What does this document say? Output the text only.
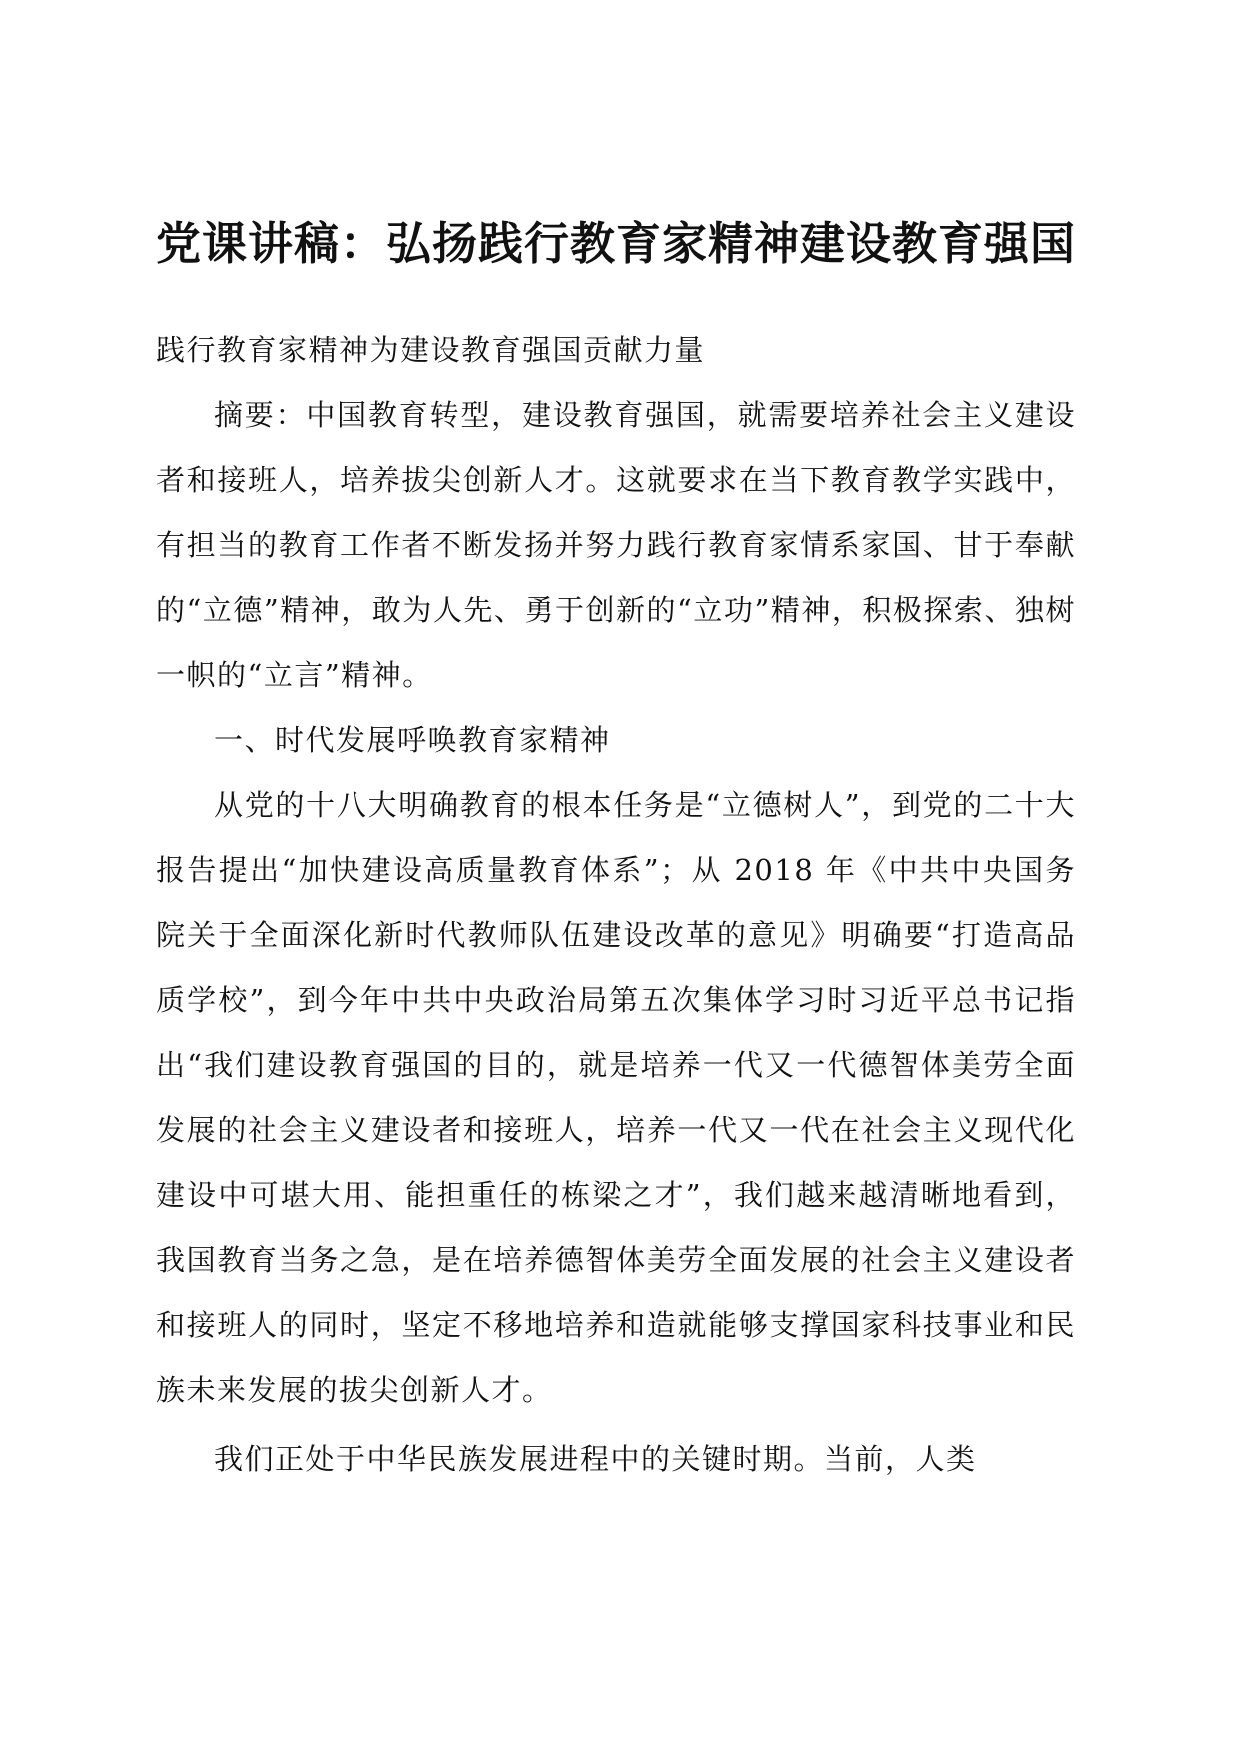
党课讲稿：弘扬践行教育家精神建设教育强国

践行教育家精神为建设教育强国贡献力量

摘要：中国教育转型，建设教育强国，就需要培养社会主义建设者和接班人，培养拔尖创新人才。这就要求在当下教育教学实践中，有担当的教育工作者不断发扬并努力践行教育家情系家国、甘于奉献的“立德”精神，敢为人先、勇于创新的“立功”精神，积极探索、独树一帜的“立言”精神。

一、时代发展呼唤教育家精神

从党的十八大明确教育的根本任务是“立德树人”，到党的二十大报告提出“加快建设高质量教育体系”；从 2018 年《中共中央国务院关于全面深化新时代教师队伍建设改革的意见》明确要“打造高品质学校”，到今年中共中央政治局第五次集体学习时习近平总书记指出“我们建设教育强国的目的，就是培养一代又一代德智体美劳全面发展的社会主义建设者和接班人，培养一代又一代在社会主义现代化建设中可堪大用、能担重任的栋梁之才”，我们越来越清晰地看到，我国教育当务之急，是在培养德智体美劳全面发展的社会主义建设者和接班人的同时，坚定不移地培养和造就能够支撑国家科技事业和民族未来发展的拔尖创新人才。

我们正处于中华民族发展进程中的关键时期。当前，人类
